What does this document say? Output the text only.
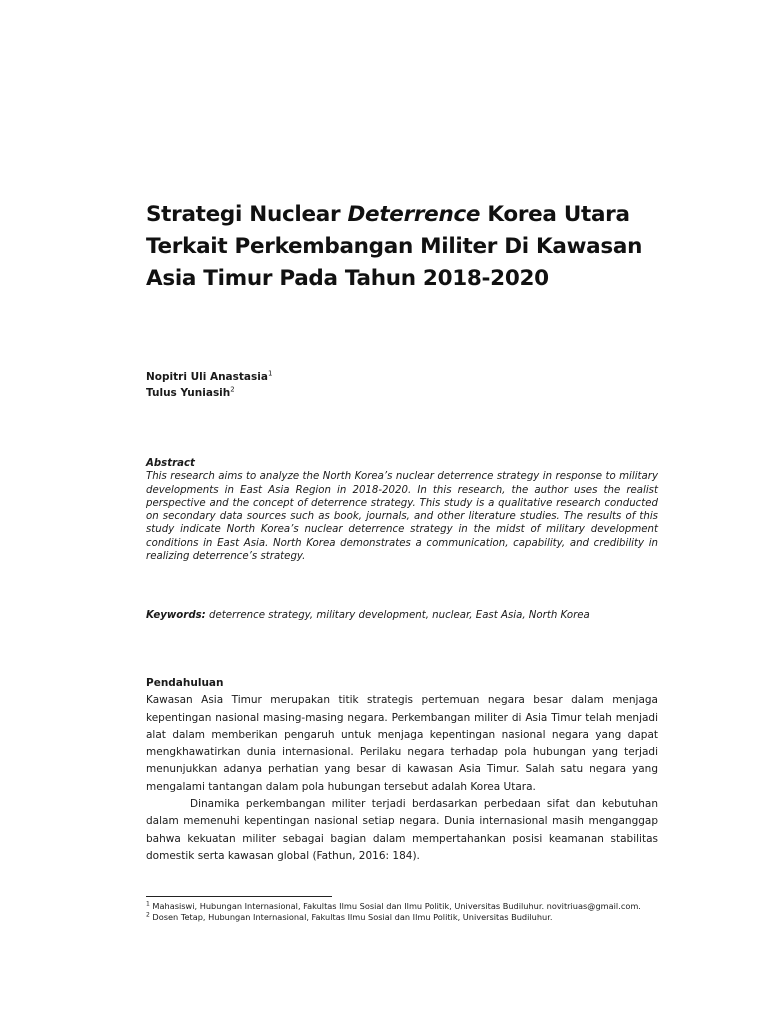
Strategi Nuclear Deterrence Korea Utara Terkait Perkembangan Militer Di Kawasan Asia Timur Pada Tahun 2018-2020
Nopitri Uli Anastasia$^1$
Tulus Yuniasih$^2$
Abstract
This research aims to analyze the North Korea’s nuclear deterrence strategy in response to military developments in East Asia Region in 2018-2020. In this research, the author uses the realist perspective and the concept of deterrence strategy. This study is a qualitative research conducted on secondary data sources such as book, journals, and other literature studies. The results of this study indicate North Korea’s nuclear deterrence strategy in the midst of military development conditions in East Asia. North Korea demonstrates a communication, capability, and credibility in realizing deterrence’s strategy.
Keywords: deterrence strategy, military development, nuclear, East Asia, North Korea
Pendahuluan

Kawasan Asia Timur merupakan titik strategis pertemuan negara besar dalam menjaga kepentingan nasional masing-masing negara. Perkembangan militer di Asia Timur telah menjadi alat dalam memberikan pengaruh untuk menjaga kepentingan nasional negara yang dapat mengkhawatirkan dunia internasional. Perilaku negara terhadap pola hubungan yang terjadi menunjukkan adanya perhatian yang besar di kawasan Asia Timur. Salah satu negara yang mengalami tantangan dalam pola hubungan tersebut adalah Korea Utara.

Dinamika perkembangan militer terjadi berdasarkan perbedaan sifat dan kebutuhan dalam memenuhi kepentingan nasional setiap negara. Dunia internasional masih menganggap bahwa kekuatan militer sebagai bagian dalam mempertahankan posisi keamanan stabilitas domestik serta kawasan global (Fathun, 2016: 184).

$^1$ Mahasiswi, Hubungan Internasional, Fakultas Ilmu Sosial dan Ilmu Politik, Universitas Budiluhur. novitriuas@gmail.com.

$^2$ Dosen Tetap, Hubungan Internasional, Fakultas Ilmu Sosial dan Ilmu Politik, Universitas Budiluhur.
